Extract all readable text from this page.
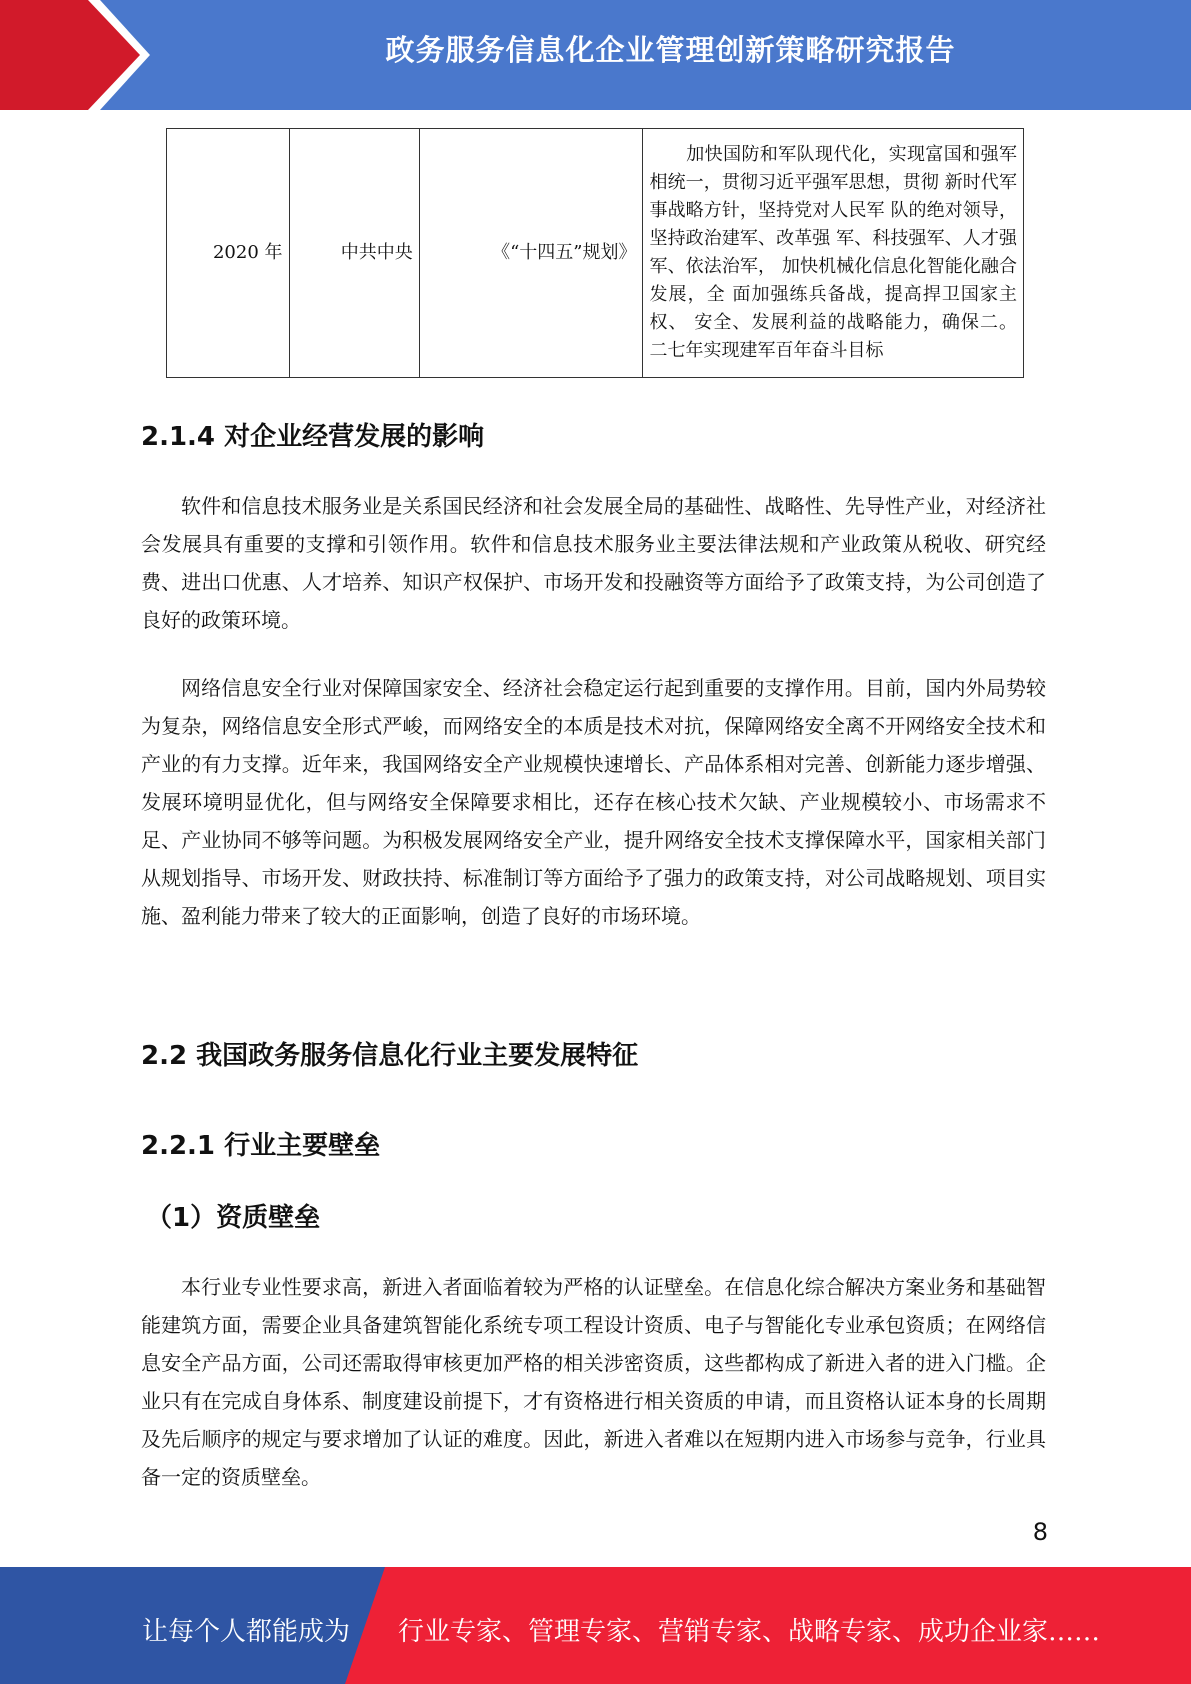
政务服务信息化企业管理创新策略研究报告
2020 年	中共中央	《“十四五”规划》	　　加快国防和军队现代化，实现富国和强军相统一，贯彻习近平强军思想，贯彻 新时代军事战略方针，坚持党对人民军 队的绝对领导，坚持政治建军、改革强 军、科技强军、人才强军、依法治军， 加快机械化信息化智能化融合发展，全 面加强练兵备战，提高捍卫国家主权、 安全、发展利益的战略能力，确保二。 二七年实现建军百年奋斗目标
2.1.4 对企业经营发展的影响

软件和信息技术服务业是关系国民经济和社会发展全局的基础性、战略性、先导性产业，对经济社会发展具有重要的支撑和引领作用。软件和信息技术服务业主要法律法规和产业政策从税收、研究经费、进出口优惠、人才培养、知识产权保护、市场开发和投融资等方面给予了政策支持，为公司创造了良好的政策环境。

网络信息安全行业对保障国家安全、经济社会稳定运行起到重要的支撑作用。目前，国内外局势较为复杂，网络信息安全形式严峻，而网络安全的本质是技术对抗，保障网络安全离不开网络安全技术和产业的有力支撑。近年来，我国网络安全产业规模快速增长、产品体系相对完善、创新能力逐步增强、发展环境明显优化，但与网络安全保障要求相比，还存在核心技术欠缺、产业规模较小、市场需求不足、产业协同不够等问题。为积极发展网络安全产业，提升网络安全技术支撑保障水平，国家相关部门从规划指导、市场开发、财政扶持、标准制订等方面给予了强力的政策支持，对公司战略规划、项目实施、盈利能力带来了较大的正面影响，创造了良好的市场环境。

2.2 我国政务服务信息化行业主要发展特征
2.2.1 行业主要壁垒
（1）资质壁垒

本行业专业性要求高，新进入者面临着较为严格的认证壁垒。在信息化综合解决方案业务和基础智能建筑方面，需要企业具备建筑智能化系统专项工程设计资质、电子与智能化专业承包资质；在网络信息安全产品方面，公司还需取得审核更加严格的相关涉密资质，这些都构成了新进入者的进入门槛。企业只有在完成自身体系、制度建设前提下，才有资格进行相关资质的申请，而且资格认证本身的长周期及先后顺序的规定与要求增加了认证的难度。因此，新进入者难以在短期内进入市场参与竞争，行业具备一定的资质壁垒。

8
让每个人都能成为 行业专家、管理专家、营销专家、战略专家、成功企业家……
